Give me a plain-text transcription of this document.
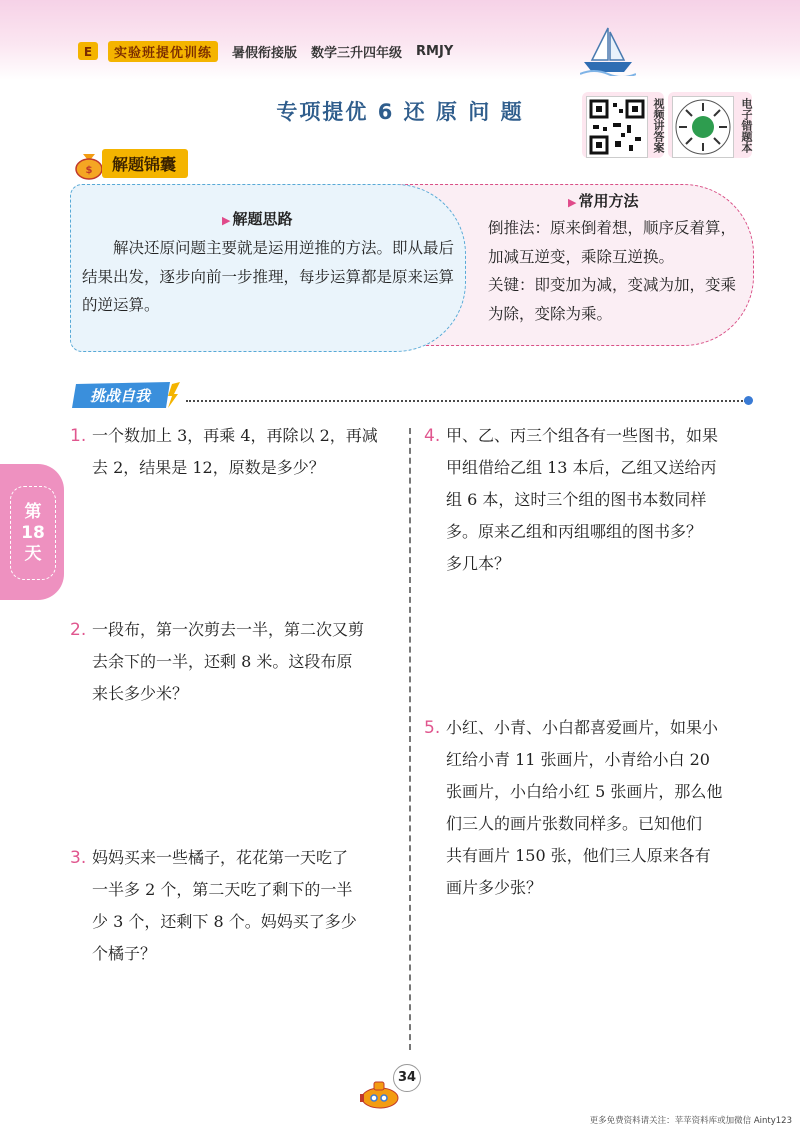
E	实验班提优训练	暑假衔接版 数学三升四年级 RMJY
专项提优 6 还 原 问 题	视频讲答案	电子错题本
$	解题锦囊
▶ 常用方法
倒推法：原来倒着想，顺序反着算，加减互逆变，乘除互逆换。
关键：即变加为减，变减为加，变乘为除，变除为乘。
▶ 解题思路
　　解决还原问题主要就是运用逆推的方法。即从最后结果出发，逐步向前一步推理，每步运算都是原来运算的逆运算。
挑战自我
第
18
天
1. 一个数加上 3，再乘 4，再除以 2，再减
去 2，结果是 12，原数是多少？
2. 一段布，第一次剪去一半，第二次又剪
去余下的一半，还剩 8 米。这段布原
来长多少米？
3. 妈妈买来一些橘子，花花第一天吃了
一半多 2 个，第二天吃了剩下的一半
少 3 个，还剩下 8 个。妈妈买了多少
个橘子？
4. 甲、乙、丙三个组各有一些图书，如果
甲组借给乙组 13 本后，乙组又送给丙
组 6 本，这时三个组的图书本数同样
多。原来乙组和丙组哪组的图书多？
多几本？
5. 小红、小青、小白都喜爱画片，如果小
红给小青 11 张画片，小青给小白 20
张画片，小白给小红 5 张画片，那么他
们三人的画片张数同样多。已知他们
共有画片 150 张，他们三人原来各有
画片多少张？
34
更多免费资料请关注：苹苹资料库或加微信 Ainty123
